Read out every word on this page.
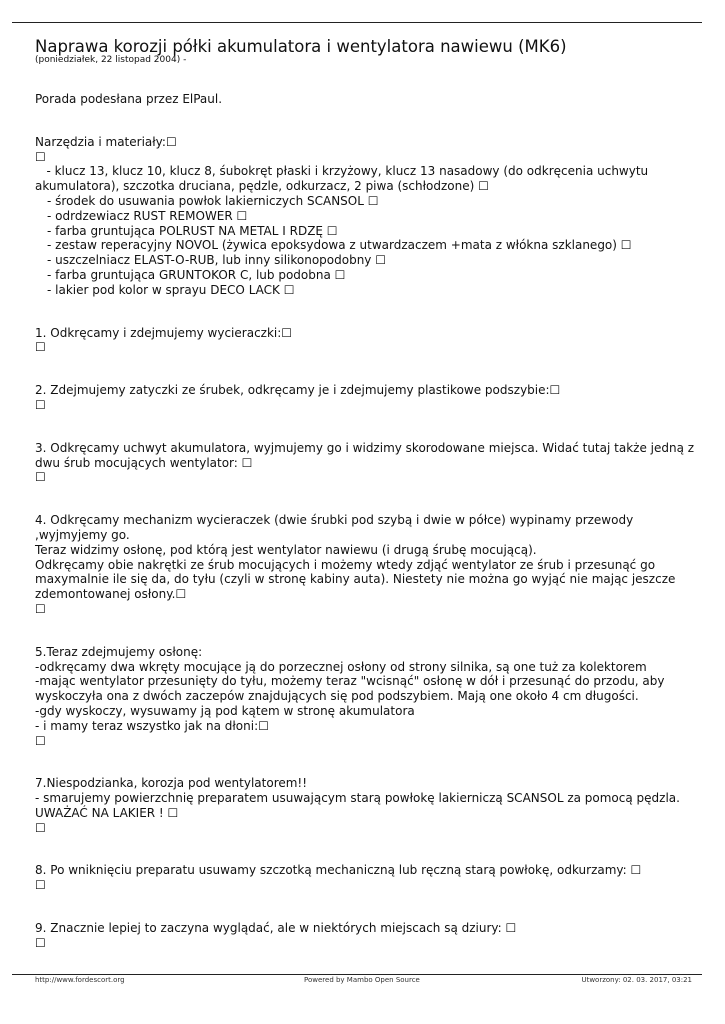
Naprawa korozji półki akumulatora i wentylatora nawiewu (MK6)
(poniedziałek, 22 listopad 2004) -
Porada podesłana przez ElPaul.
Narzędzia i materiały:☐
☐
- klucz 13, klucz 10, klucz 8, śubokręt płaski i krzyżowy, klucz 13 nasadowy (do odkręcenia uchwytu akumulatora), szczotka druciana, pędzle, odkurzacz, 2 piwa (schłodzone) ☐
- środek do usuwania powłok lakierniczych SCANSOL ☐
- odrdzewiacz RUST REMOWER ☐
- farba gruntująca POLRUST NA METAL I RDZĘ ☐
- zestaw reperacyjny NOVOL (żywica epoksydowa z utwardzaczem +mata z włókna szklanego) ☐
- uszczelniacz ELAST-O-RUB, lub inny silikonopodobny ☐
- farba gruntująca GRUNTOKOR C, lub podobna ☐
- lakier pod kolor w sprayu DECO LACK ☐
1. Odkręcamy i zdejmujemy wycieraczki:☐
☐
2. Zdejmujemy zatyczki ze śrubek, odkręcamy je i zdejmujemy plastikowe podszybie:☐
☐
3. Odkręcamy uchwyt akumulatora, wyjmujemy go i widzimy skorodowane miejsca. Widać tutaj także jedną z dwu śrub mocujących wentylator: ☐
☐
4. Odkręcamy mechanizm wycieraczek (dwie śrubki pod szybą i dwie w półce) wypinamy przewody ,wyjmyjemy go.
Teraz widzimy osłonę, pod którą jest wentylator nawiewu (i drugą śrubę mocującą).
Odkręcamy obie nakrętki ze śrub mocujących i możemy wtedy zdjąć wentylator ze śrub i przesunąć go maxymalnie ile się da, do tyłu (czyli w stronę kabiny auta). Niestety nie można go wyjąć nie mając jeszcze zdemontowanej osłony.☐
☐
5.Teraz zdejmujemy osłonę:
-odkręcamy dwa wkręty mocujące ją do porzecznej osłony od strony silnika, są one tuż za kolektorem
-mając wentylator przesunięty do tyłu, możemy teraz "wcisnąć" osłonę w dół i przesunąć do przodu, aby wyskoczyła ona z dwóch zaczepów znajdujących się pod podszybiem. Mają one około 4 cm długości.
-gdy wyskoczy, wysuwamy ją pod kątem w stronę akumulatora
- i mamy teraz wszystko jak na dłoni:☐
☐
7.Niespodzianka, korozja pod wentylatorem!!
- smarujemy powierzchnię preparatem usuwającym starą powłokę lakierniczą SCANSOL za pomocą pędzla. UWAŻAĆ NA LAKIER ! ☐
☐
8. Po wniknięciu preparatu usuwamy szczotką mechaniczną lub ręczną starą powłokę, odkurzamy: ☐
☐
9. Znacznie lepiej to zaczyna wyglądać, ale w niektórych miejscach są dziury: ☐
☐
http://www.fordescort.org	Powered by Mambo Open Source	Utworzony: 02. 03. 2017, 03:21
